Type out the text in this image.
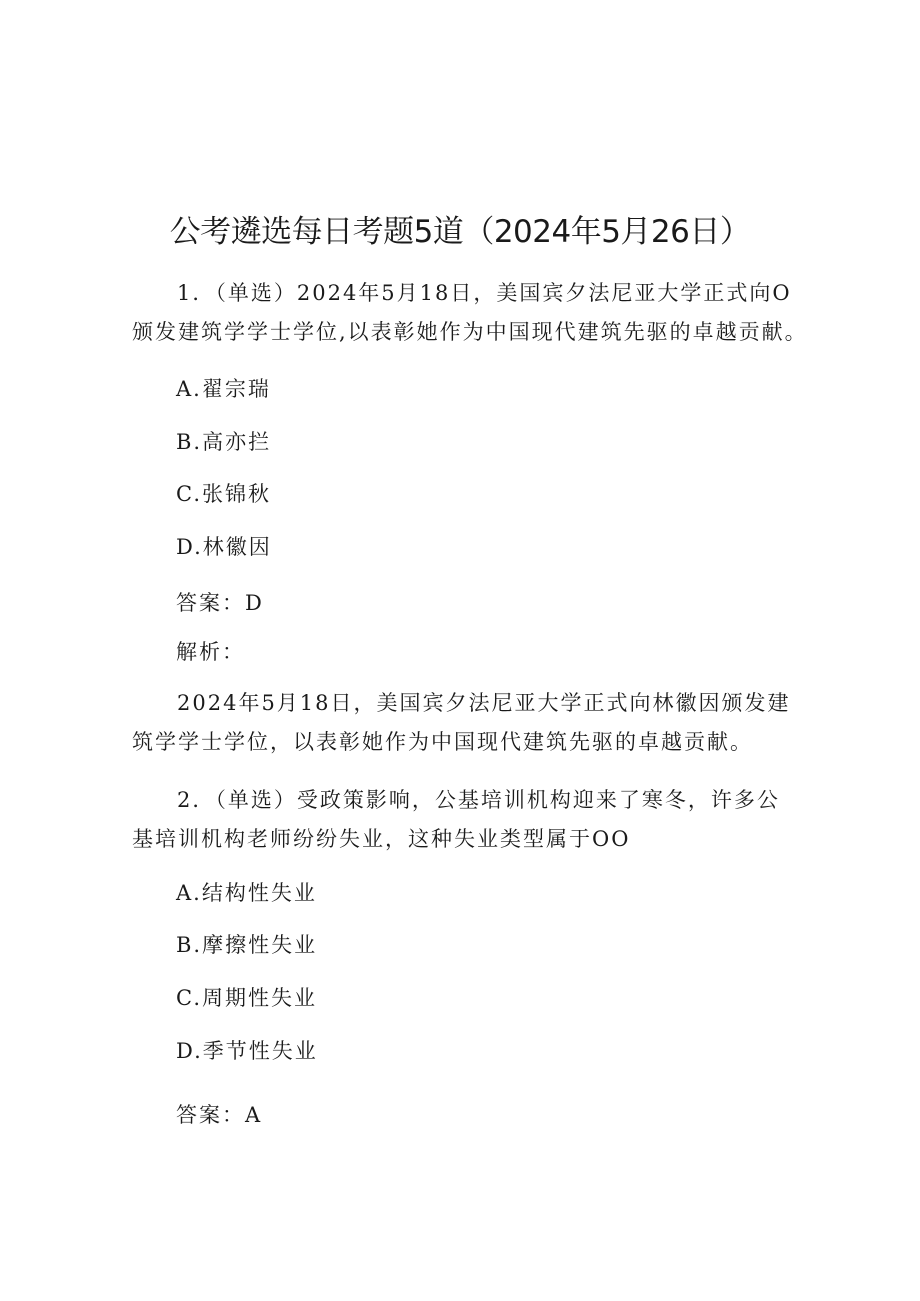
公考遴选每日考题5道（2024年5月26日）
1．（单选）2024年5月18日，美国宾夕法尼亚大学正式向O
颁发建筑学学士学位,以表彰她作为中国现代建筑先驱的卓越贡献。
A.翟宗瑞
B.高亦拦
C.张锦秋
D.林徽因
答案：D
解析：
2024年5月18日，美国宾夕法尼亚大学正式向林徽因颁发建
筑学学士学位，以表彰她作为中国现代建筑先驱的卓越贡献。
2．（单选）受政策影响，公基培训机构迎来了寒冬，许多公
基培训机构老师纷纷失业，这种失业类型属于OO
A.结构性失业
B.摩擦性失业
C.周期性失业
D.季节性失业
答案：A
